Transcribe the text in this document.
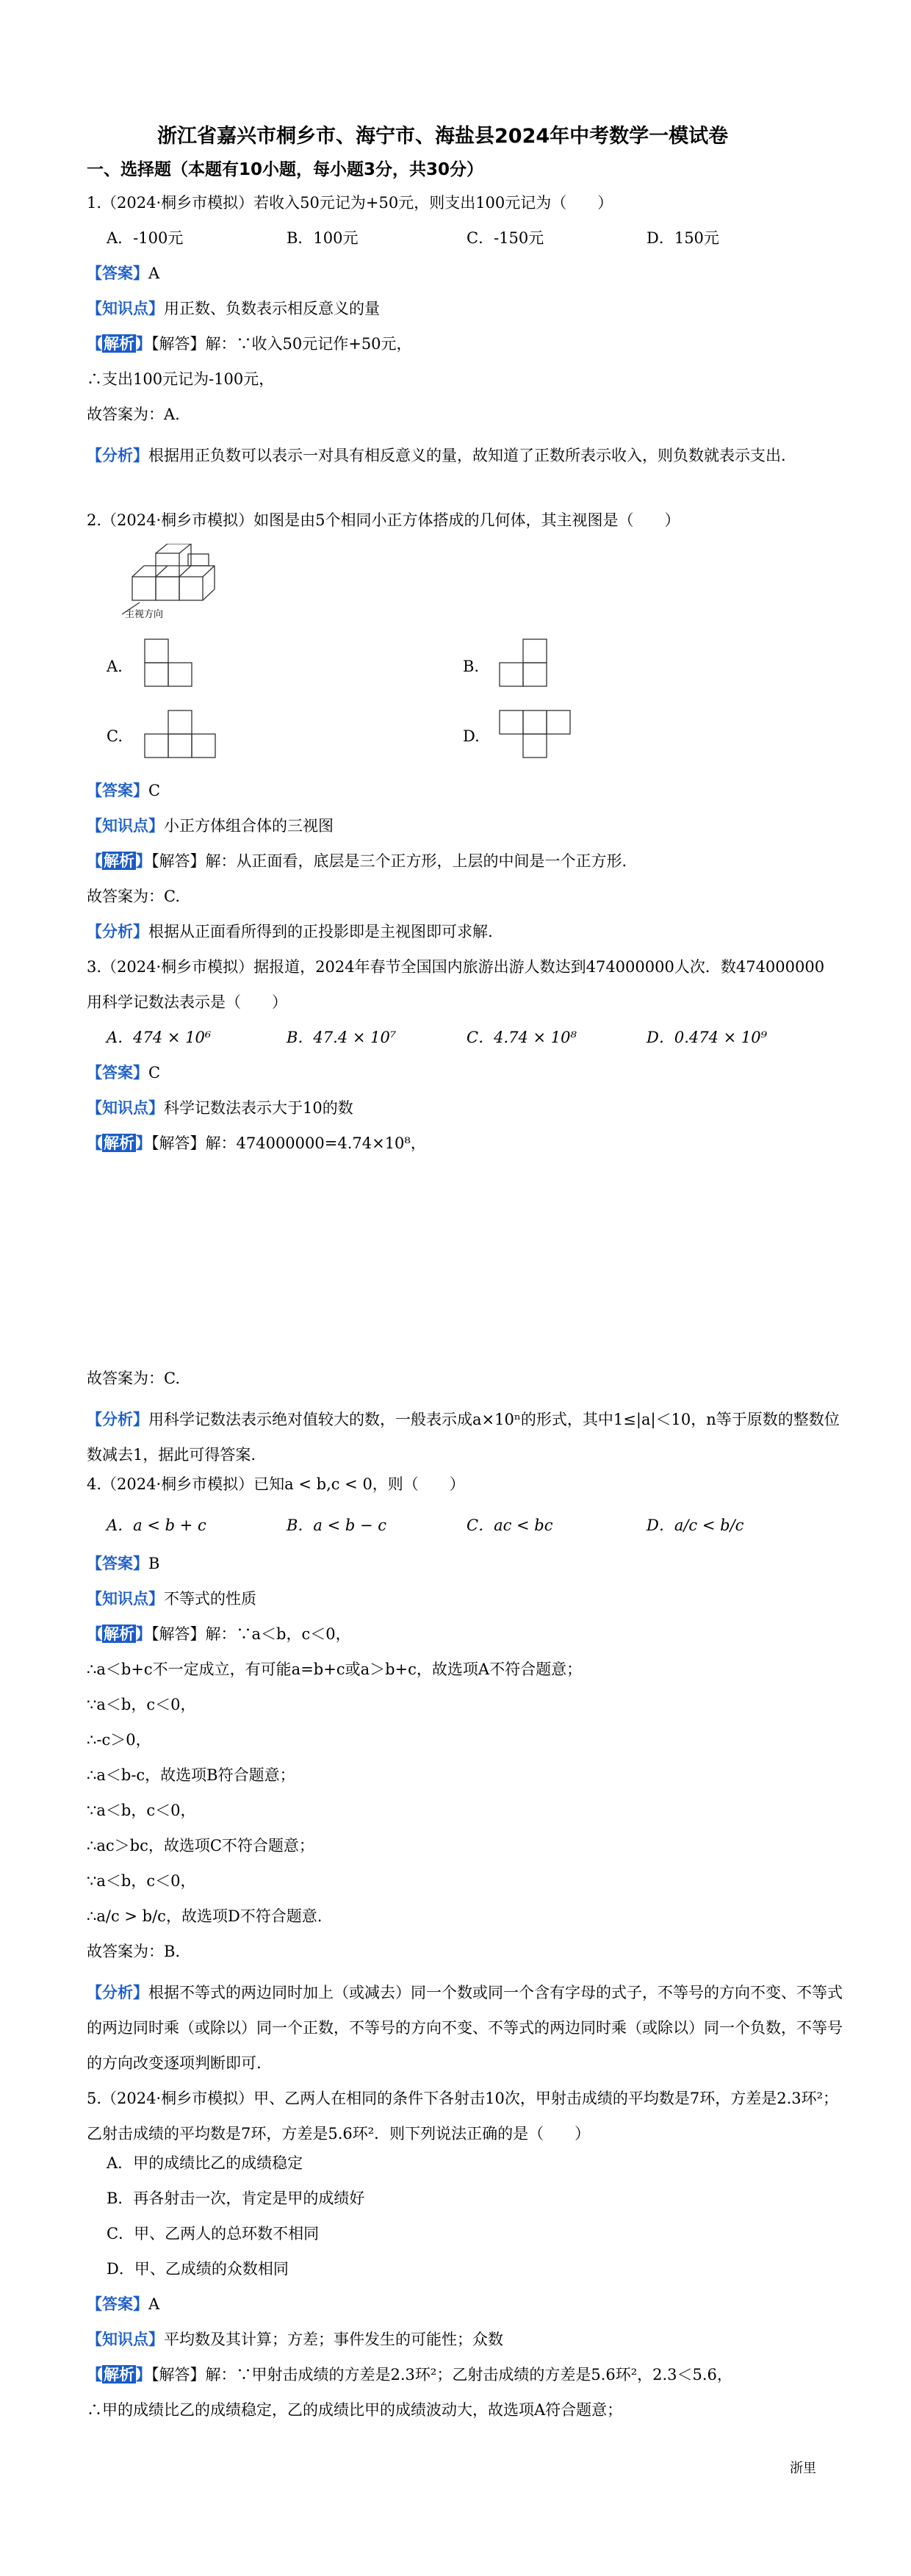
浙江省嘉兴市桐乡市、海宁市、海盐县2024年中考数学一模试卷
一、选择题（本题有10小题，每小题3分，共30分）
1.（2024·桐乡市模拟）若收入50元记为+50元，则支出100元记为（　　）
A．-100元	B．100元	C．-150元	D．150元
【答案】A
【知识点】用正数、负数表示相反意义的量
【解析】【解答】解：∵收入50元记作+50元，
∴支出100元记为-100元，
故答案为：A.
【分析】根据用正负数可以表示一对具有相反意义的量，故知道了正数所表示收入，则负数就表示支出.
2.（2024·桐乡市模拟）如图是由5个相同小正方体搭成的几何体，其主视图是（　　）
主视方向
A.	B.
C.	D.
【答案】C
【知识点】小正方体组合体的三视图
【解析】【解答】解：从正面看，底层是三个正方形，上层的中间是一个正方形.
故答案为：C.
【分析】根据从正面看所得到的正投影即是主视图即可求解.
3.（2024·桐乡市模拟）据报道，2024年春节全国国内旅游出游人数达到474000000人次．数474000000
用科学记数法表示是（　　）
A．474 × 10⁶	B．47.4 × 10⁷	C．4.74 × 10⁸	D．0.474 × 10⁹
【答案】C
【知识点】科学记数法表示大于10的数
【解析】【解答】解：474000000=4.74×10⁸，
故答案为：C.
【分析】用科学记数法表示绝对值较大的数，一般表示成a×10ⁿ的形式，其中1≤|a|＜10，n等于原数的整数位数减去1，据此可得答案.
4.（2024·桐乡市模拟）已知a < b,c < 0，则（　　）
A．a < b + c	B．a < b − c	C．ac < bc	D．a/c < b/c
【答案】B
【知识点】不等式的性质
【解析】【解答】解：∵a＜b，c＜0，
∴a＜b+c不一定成立，有可能a=b+c或a＞b+c，故选项A不符合题意；
∵a＜b，c＜0，
∴-c＞0，
∴a＜b-c，故选项B符合题意；
∵a＜b，c＜0，
∴ac＞bc，故选项C不符合题意；
∵a＜b，c＜0，
∴a/c > b/c，故选项D不符合题意.
故答案为：B.
【分析】根据不等式的两边同时加上（或减去）同一个数或同一个含有字母的式子，不等号的方向不变、不等式的两边同时乘（或除以）同一个正数，不等号的方向不变、不等式的两边同时乘（或除以）同一个负数，不等号的方向改变逐项判断即可.
5.（2024·桐乡市模拟）甲、乙两人在相同的条件下各射击10次，甲射击成绩的平均数是7环，方差是2.3环²；乙射击成绩的平均数是7环，方差是5.6环²．则下列说法正确的是（　　）
A．甲的成绩比乙的成绩稳定
B．再各射击一次，肯定是甲的成绩好
C．甲、乙两人的总环数不相同
D．甲、乙成绩的众数相同
【答案】A
【知识点】平均数及其计算；方差；事件发生的可能性；众数
【解析】【解答】解：∵甲射击成绩的方差是2.3环²；乙射击成绩的方差是5.6环²，2.3＜5.6，
∴甲的成绩比乙的成绩稳定，乙的成绩比甲的成绩波动大，故选项A符合题意；
浙里
